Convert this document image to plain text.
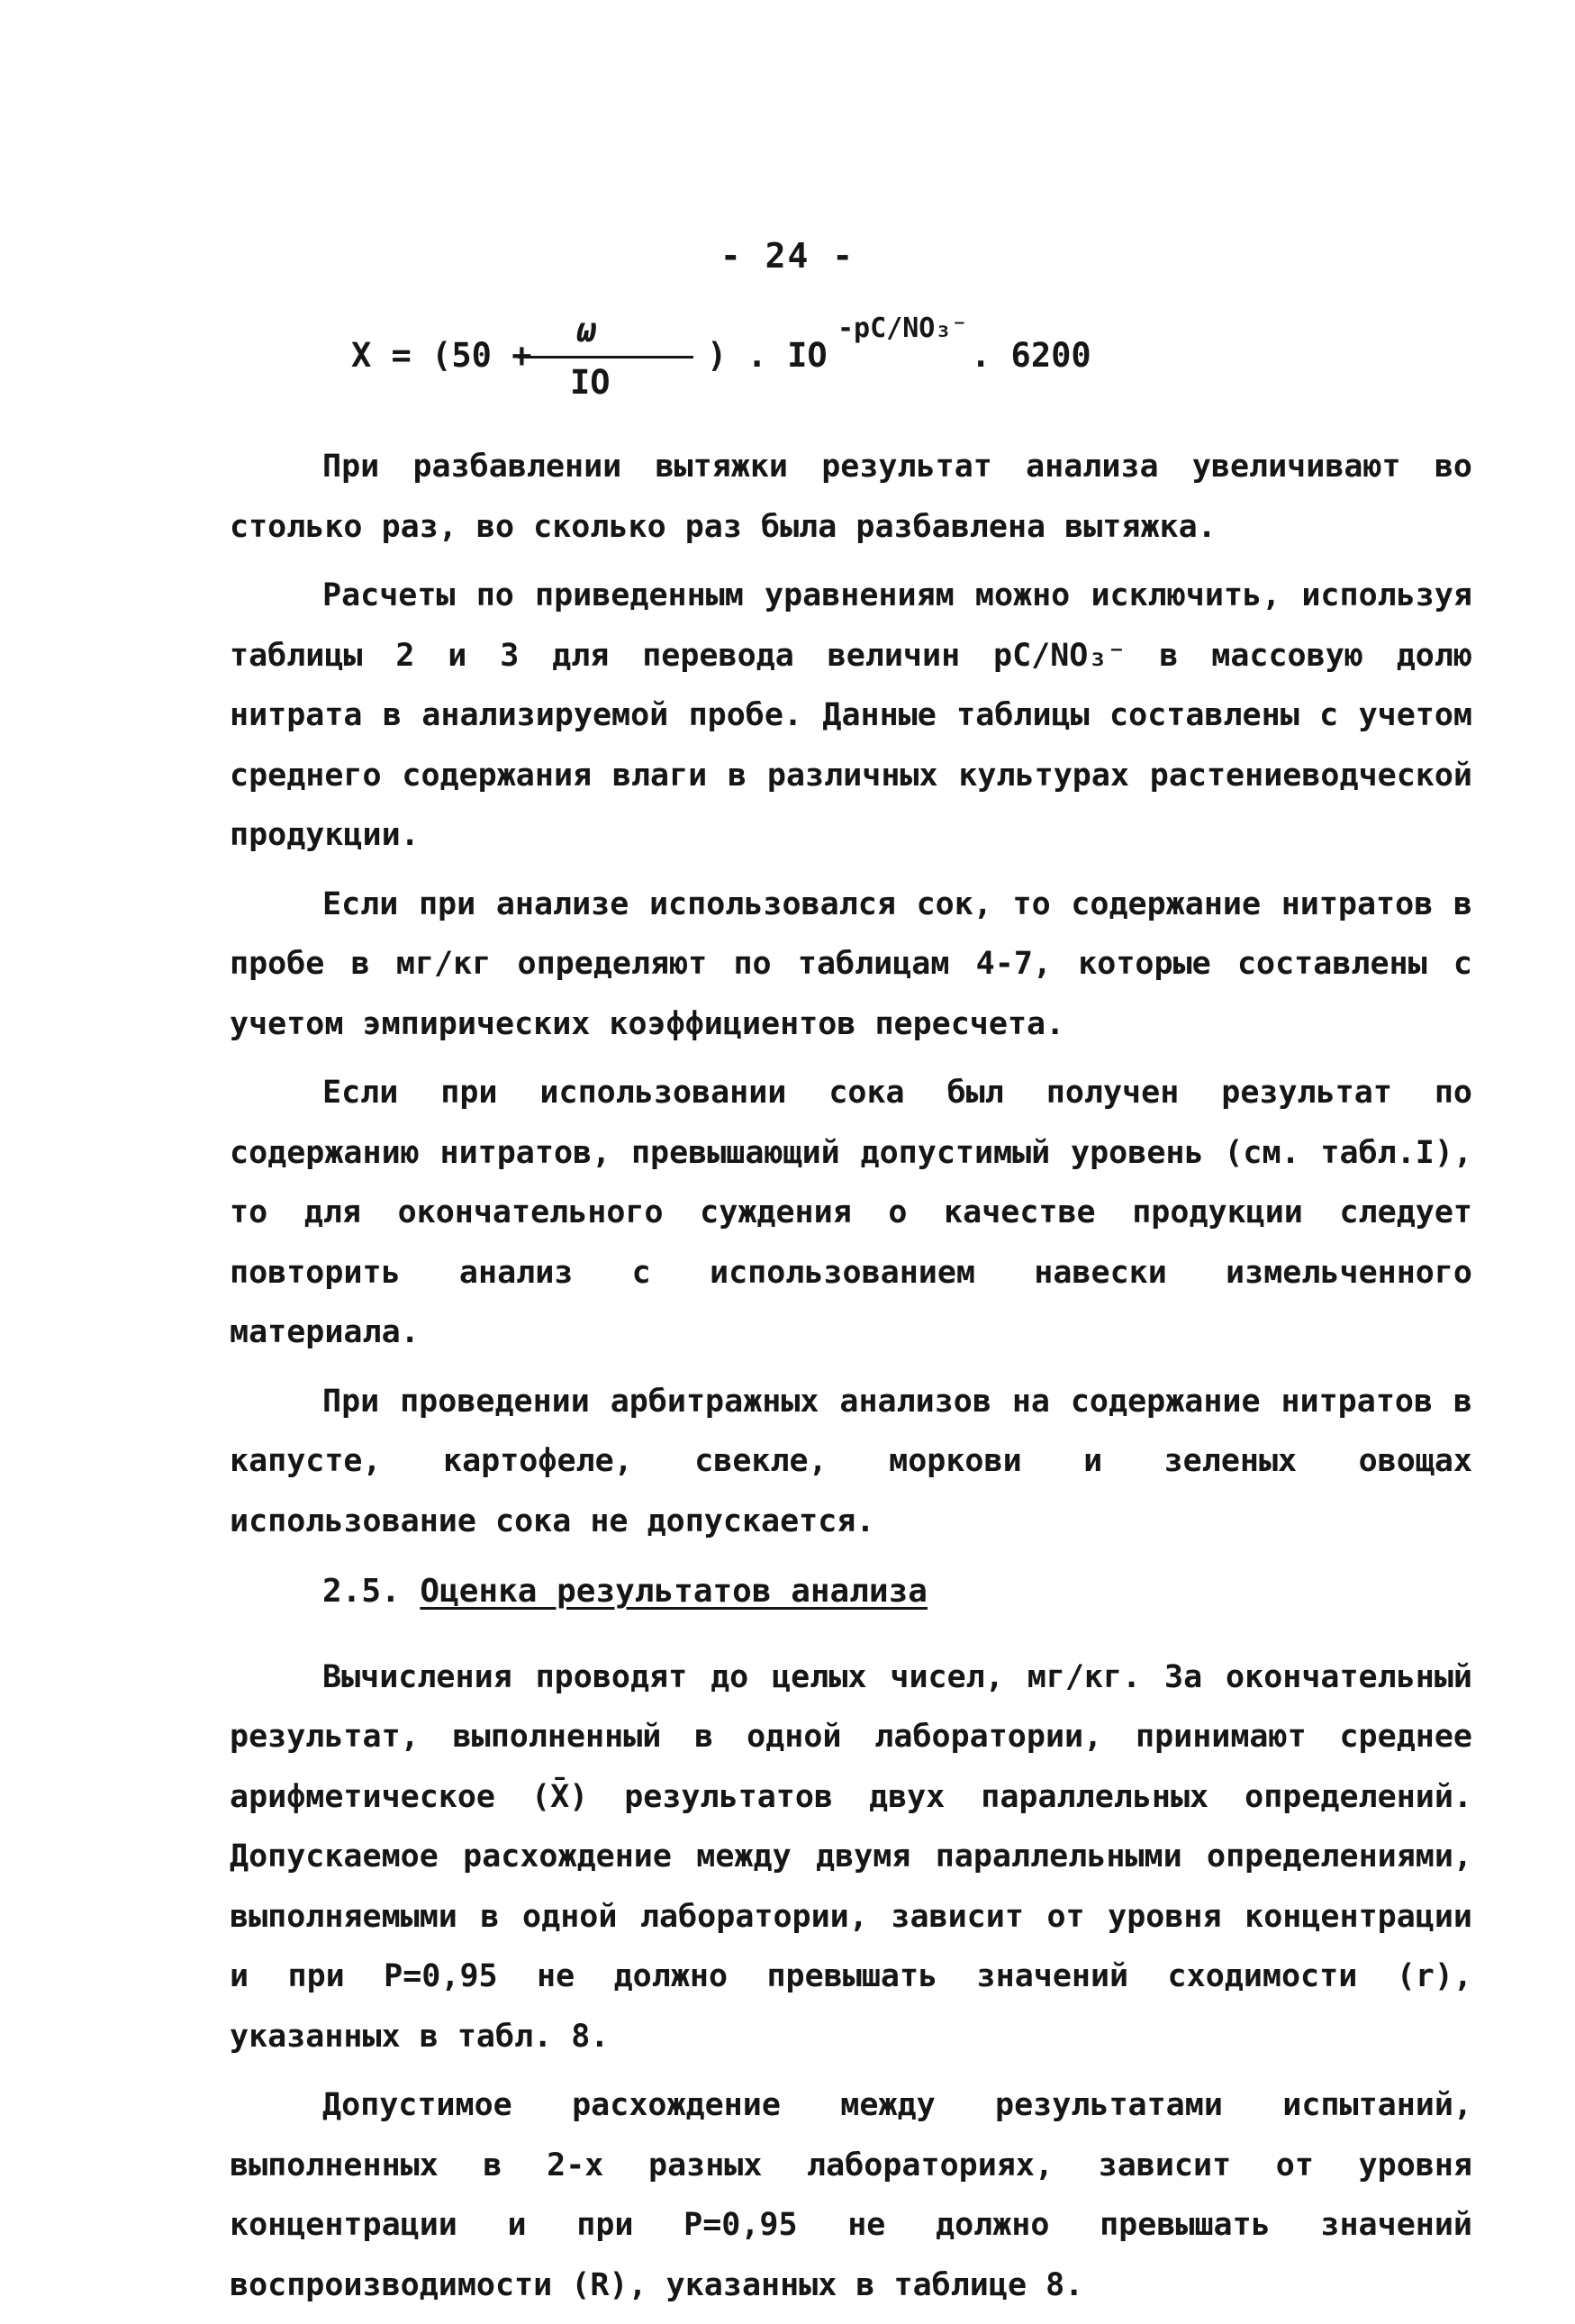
- 24 -
X = (50 +
ω
IO
) . IO
-pC/NO₃⁻
. 6200

При разбавлении вытяжки результат анализа увеличивают во столько раз, во сколько раз была разбавлена вытяжка.

Расчеты по приведенным уравнениям можно исключить, используя таблицы 2 и 3 для перевода величин pC/NO₃⁻ в массовую долю нитрата в анализируемой пробе. Данные таблицы составлены с учетом среднего содержания влаги в различных культурах растениеводческой продукции.

Если при анализе использовался сок, то содержание нитратов в пробе в мг/кг определяют по таблицам 4-7, которые составлены с учетом эмпирических коэффициентов пересчета.

Если при использовании сока был получен результат по содержанию нитратов, превышающий допустимый уровень (см. табл.I), то для окончательного суждения о качестве продукции следует повторить анализ с использованием навески измельченного материала.

При проведении арбитражных анализов на содержание нитратов в капусте, картофеле, свекле, моркови и зеленых овощах использование сока не допускается.

2.5. Оценка результатов анализа

Вычисления проводят до целых чисел, мг/кг. За окончательный результат, выполненный в одной лаборатории, принимают среднее арифметическое (X̄) результатов двух параллельных определений. Допускаемое расхождение между двумя параллельными определениями, выполняемыми в одной лаборатории, зависит от уровня концентрации и при P=0,95 не должно превышать значений сходимости (r), указанных в табл. 8.

Допустимое расхождение между результатами испытаний, выполненных в 2-х разных лабораториях, зависит от уровня концентрации и при P=0,95 не должно превышать значений воспроизводимости (R), указанных в таблице 8.
